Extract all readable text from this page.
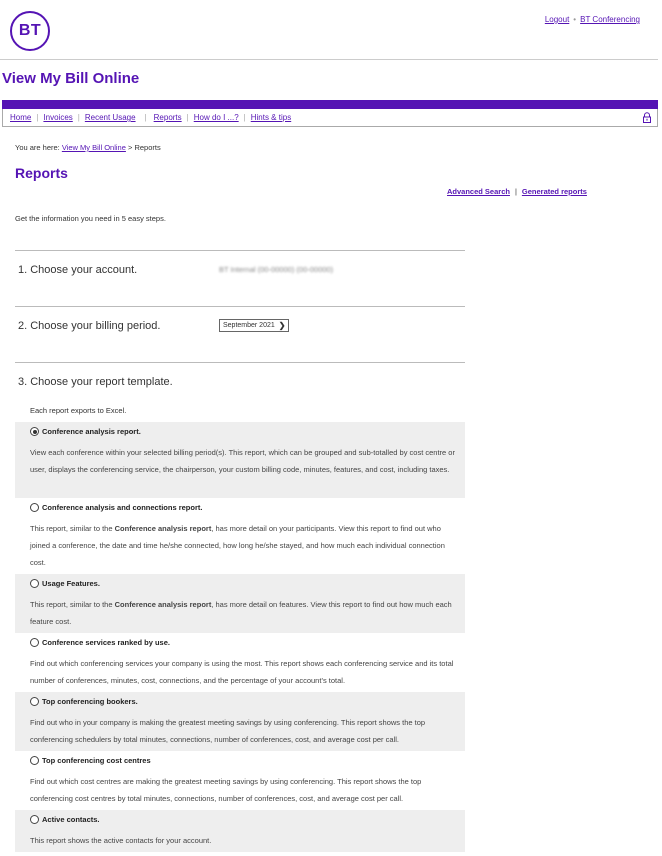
BT
Logout • BT Conferencing
View My Bill Online
Home | Invoices | Recent Usage | Reports | How do I ...? | Hints & tips
You are here: View My Bill Online > Reports
Reports
Advanced Search | Generated reports
Get the information you need in 5 easy steps.
1. Choose your account.	BT Internal (00-00000) (00-00000)
2. Choose your billing period.	September 2021 ❯
3. Choose your report template.
Each report exports to Excel.
Conference analysis report.
View each conference within your selected billing period(s). This report, which can be grouped and sub-totalled by cost centre or user, displays the conferencing service, the chairperson, your custom billing code, minutes, features, and cost, including taxes.
Conference analysis and connections report.
This report, similar to the Conference analysis report, has more detail on your participants. View this report to find out who joined a conference, the date and time he/she connected, how long he/she stayed, and how much each individual connection cost.
Usage Features.
This report, similar to the Conference analysis report, has more detail on features. View this report to find out how much each feature cost.
Conference services ranked by use.
Find out which conferencing services your company is using the most. This report shows each conferencing service and its total number of conferences, minutes, cost, connections, and the percentage of your account’s total.
Top conferencing bookers.
Find out who in your company is making the greatest meeting savings by using conferencing. This report shows the top conferencing schedulers by total minutes, connections, number of conferences, cost, and average cost per call.
Top conferencing cost centres
Find out which cost centres are making the greatest meeting savings by using conferencing. This report shows the top conferencing cost centres by total minutes, connections, number of conferences, cost, and average cost per call.
Active contacts.
This report shows the active contacts for your account.
